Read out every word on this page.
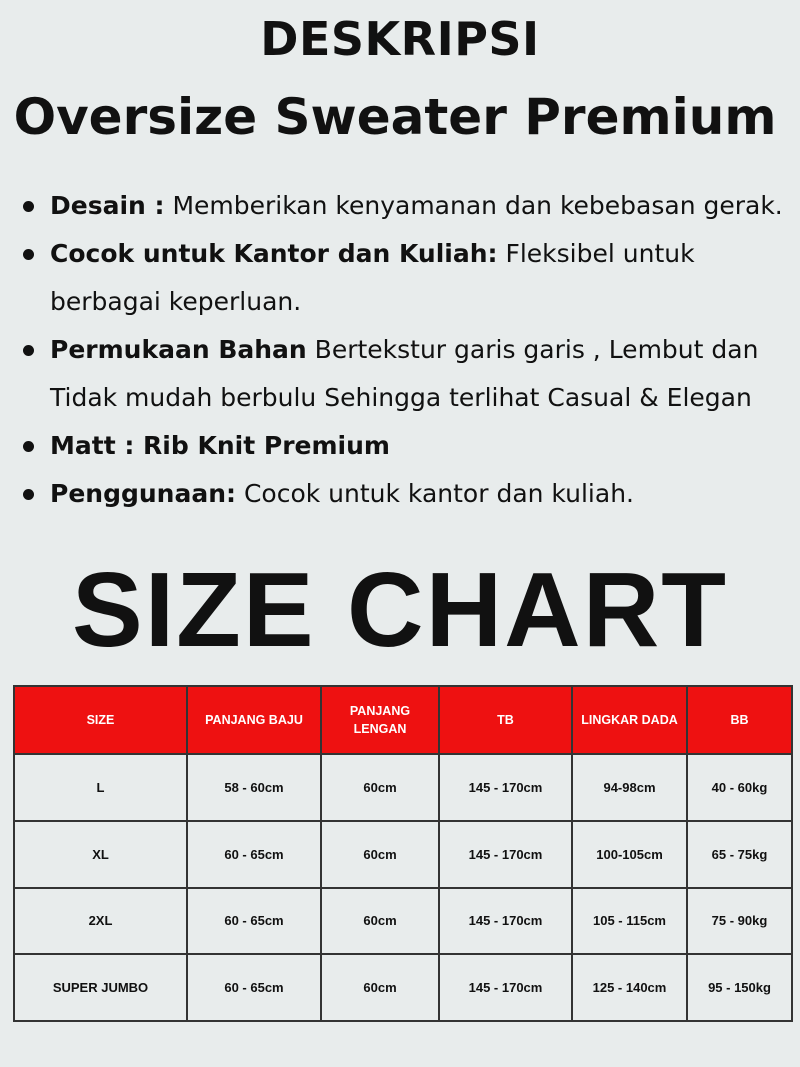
DESKRIPSI
Oversize Sweater Premium
Desain : Memberikan kenyamanan dan kebebasan gerak.
Cocok untuk Kantor dan Kuliah: Fleksibel untuk berbagai keperluan.
Permukaan Bahan Bertekstur garis garis , Lembut dan Tidak mudah berbulu Sehingga terlihat Casual & Elegan
Matt : Rib Knit Premium
Penggunaan: Cocok untuk kantor dan kuliah.
SIZE CHART
SIZE	PANJANG BAJU	PANJANG LENGAN	TB	LINGKAR DADA	BB
L	58 - 60cm	60cm	145 - 170cm	94-98cm	40 - 60kg
XL	60 - 65cm	60cm	145 - 170cm	100-105cm	65 - 75kg
2XL	60 - 65cm	60cm	145 - 170cm	105 - 115cm	75 - 90kg
SUPER JUMBO	60 - 65cm	60cm	145 - 170cm	125 - 140cm	95 - 150kg
